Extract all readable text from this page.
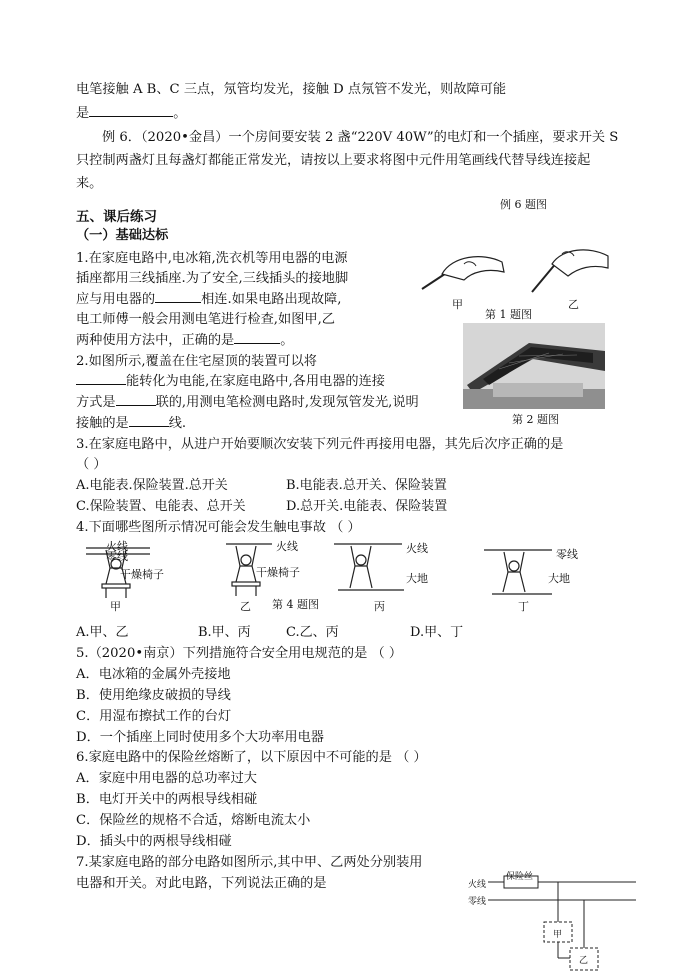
电笔接触 A B、C 三点，氖管均发光，接触 D 点氖管不发光，则故障可能
是	。
例 6．（2020•金昌）一个房间要安装 2 盏“220V 40W”的电灯和一个插座，要求开关 S
只控制两盏灯且每盏灯都能正常发光，请按以上要求将图中元件用笔画线代替导线连接起
来。
例 6 题图
五、课后练习
（一）基础达标
1.在家庭电路中,电冰箱,洗衣机等用电器的电源
插座都用三线插座.为了安全,三线插头的接地脚
应与用电器的	相连.如果电路出现故障,
电工师傅一般会用测电笔进行检查,如图甲,乙
两种使用方法中，正确的是	。
甲	乙
第 1 题图
第 2 题图
2.如图所示,覆盖在住宅屋顶的装置可以将
能转化为电能,在家庭电路中,各用电器的连接
方式是	联的,用测电笔检测电路时,发现氖管发光,说明
接触的是	线.
3.在家庭电路中，从进户开始要顺次安装下列元件再接用电器，其先后次序正确的是
（ ）
A.电能表.保险装置.总开关	B.电能表.总开关、保险装置
C.保险装置、电能表、总开关	D.总开关.电能表、保险装置
4.下面哪些图所示情况可能会发生触电事故 （ ）
火线
零线
干燥椅子
火线
干燥椅子
火线
大地
零线
大地
甲	乙 第 4 题图	丙	丁
A.甲、乙	B.甲、丙	C.乙、丙	D.甲、丁
5.（2020•南京）下列措施符合安全用电规范的是 （ ）
A．电冰箱的金属外壳接地
B．使用绝缘皮破损的导线
C．用湿布擦拭工作的台灯
D．一个插座上同时使用多个大功率用电器
6.家庭电路中的保险丝熔断了，以下原因中不可能的是 （ ）
A．家庭中用电器的总功率过大
B．电灯开关中的两根导线相碰
C．保险丝的规格不合适，熔断电流太小
D．插头中的两根导线相碰
7.某家庭电路的部分电路如图所示,其中甲、乙两处分别装用
电器和开关。对此电路，下列说法正确的是	火线
零线
保险丝
甲
乙
